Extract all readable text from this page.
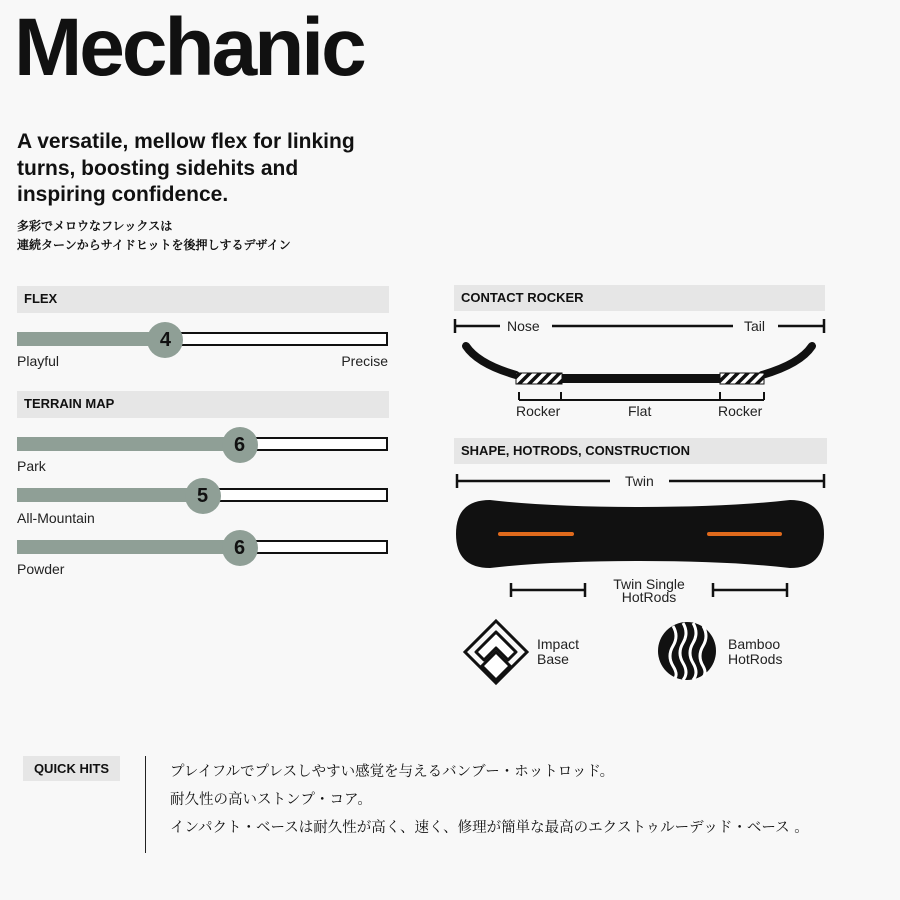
Mechanic
A versatile, mellow flex for linking turns, boosting sidehits and inspiring confidence.
多彩でメロウなフレックスは
連続ターンからサイドヒットを後押しするデザイン
FLEX
4
Playful	Precise
TERRAIN MAP
6
Park
5
All-Mountain
6
Powder
CONTACT ROCKER
Nose	Tail
Rocker	Flat	Rocker
SHAPE, HOTRODS, CONSTRUCTION
Twin
Twin Single
HotRods
Impact
Base
Bamboo
HotRods
QUICK HITS	プレイフルでプレスしやすい感覚を与えるバンブー・ホットロッド。
耐久性の高いストンプ・コア。
インパクト・ベースは耐久性が高く、速く、修理が簡単な最高のエクストゥルーデッド・ベース 。
